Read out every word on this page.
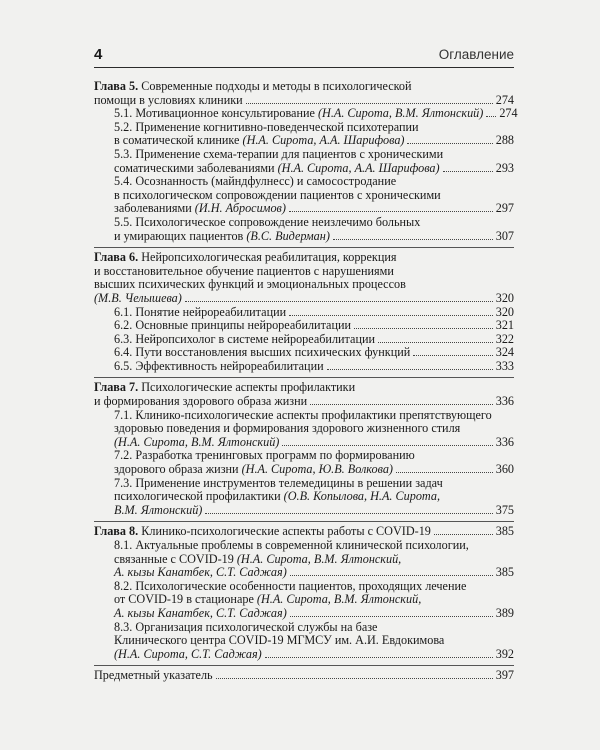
4	Оглавление
Глава 5. Современные подходы и методы в психологической
помощи в условиях клиники	274
5.1. Мотивационное консультирование (Н.А. Сирота, В.М. Ялтонский) 274
5.2. Применение когнитивно-поведенческой психотерапии
в соматической клинике (Н.А. Сирота, А.А. Шарифова)	288
5.3. Применение схема-терапии для пациентов с хроническими
соматическими заболеваниями (Н.А. Сирота, А.А. Шарифова)	293
5.4. Осознанность (майндфулнесс) и самосостродание
в психологическом сопровождении пациентов с хроническими
заболеваниями (И.Н. Абросимов)	297
5.5. Психологическое сопровождение неизлечимо больных
и умирающих пациентов (В.С. Видерман)	307
Глава 6. Нейропсихологическая реабилитация, коррекция
и восстановительное обучение пациентов с нарушениями
высших психических функций и эмоциональных процессов
(М.В. Челышева)	320
6.1. Понятие нейрореабилитации	320
6.2. Основные принципы нейрореабилитации	321
6.3. Нейропсихолог в системе нейрореабилитации	322
6.4. Пути восстановления высших психических функций	324
6.5. Эффективность нейрореабилитации	333
Глава 7. Психологические аспекты профилактики
и формирования здорового образа жизни	336
7.1. Клинико-психологические аспекты профилактики препятствующего
здоровью поведения и формирования здорового жизненного стиля
(Н.А. Сирота, В.М. Ялтонский)	336
7.2. Разработка тренинговых программ по формированию
здорового образа жизни (Н.А. Сирота, Ю.В. Волкова)	360
7.3. Применение инструментов телемедицины в решении задач
психологической профилактики (О.В. Копылова, Н.А. Сирота,
В.М. Ялтонский)	375
Глава 8. Клинико-психологические аспекты работы с COVID-19	385
8.1. Актуальные проблемы в современной клинической психологии,
связанные с COVID-19 (Н.А. Сирота, В.М. Ялтонский,
А. кызы Канатбек, С.Т. Саджая)	385
8.2. Психологические особенности пациентов, проходящих лечение
от COVID-19 в стационаре (Н.А. Сирота, В.М. Ялтонский,
А. кызы Канатбек, С.Т. Саджая)	389
8.3. Организация психологической службы на базе
Клинического центра COVID-19 МГМСУ им. А.И. Евдокимова
(Н.А. Сирота, С.Т. Саджая)	392
Предметный указатель	397
